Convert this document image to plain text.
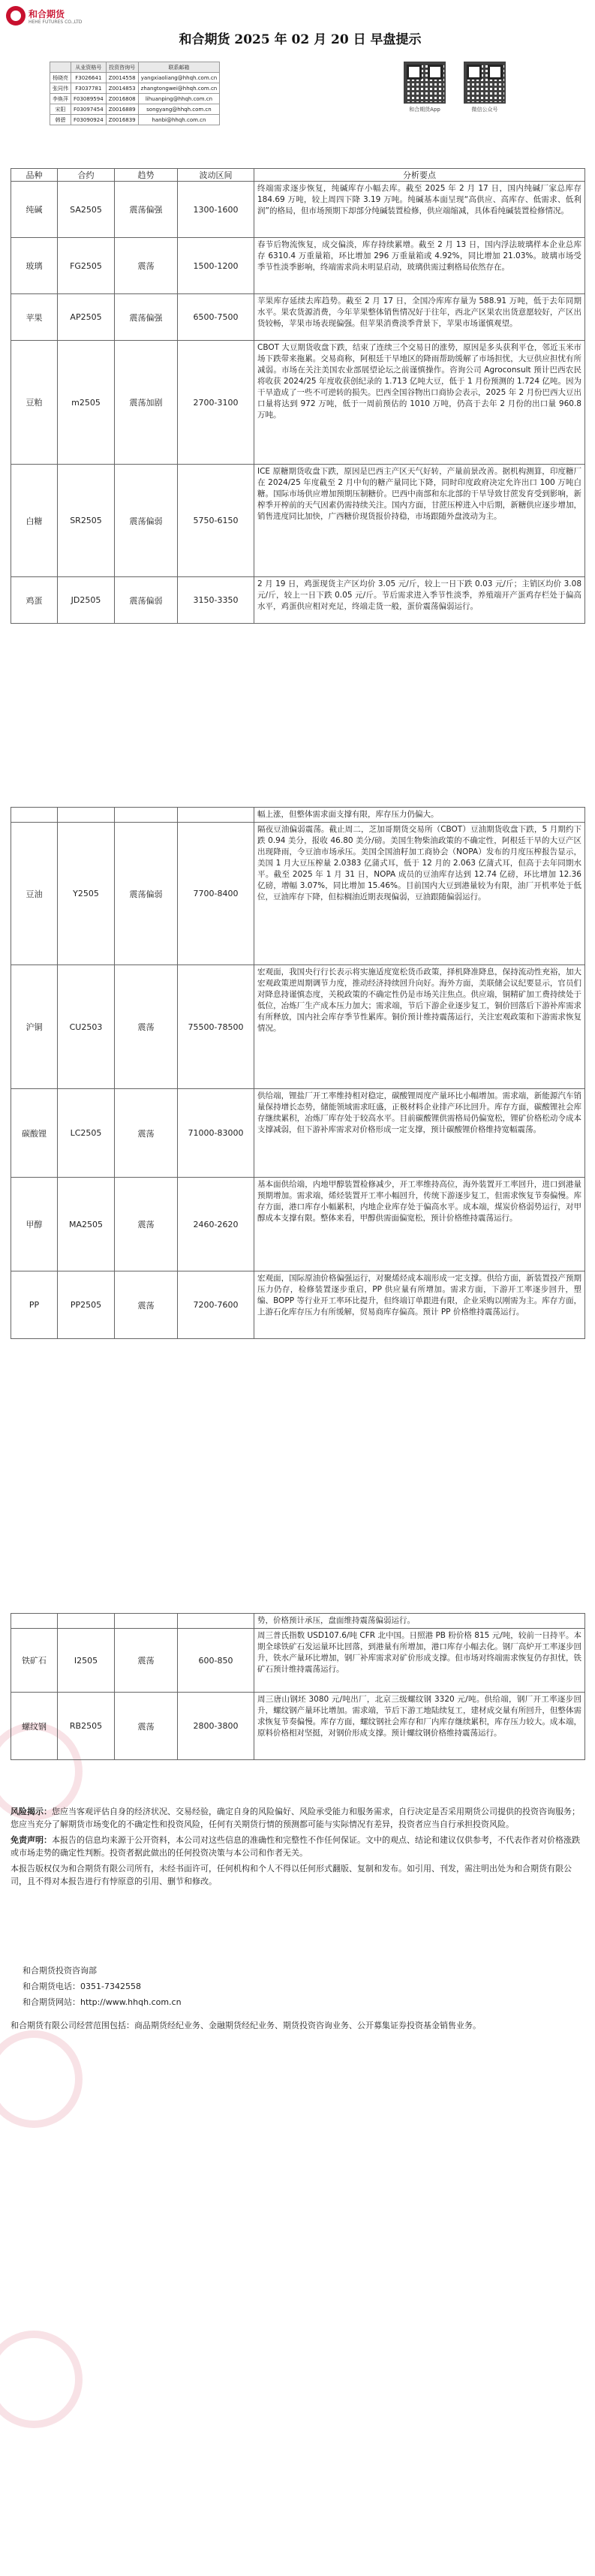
和合期货
HEHE FUTURES CO.,LTD
和合期货 2025 年 02 月 20 日 早盘提示
	从业资格号	投资咨询号	联系邮箱
杨晓亮	F3026641	Z0014558	yangxiaoliang@hhqh.com.cn
张同伟	F3037781	Z0014853	zhangtongwei@hhqh.com.cn
李焕萍	F03089594	Z0016808	lihuanping@hhqh.com.cn
宋阳	F03097454	Z0016889	songyang@hhqh.com.cn
韩碧	F03090924	Z0016839	hanbi@hhqh.com.cn
和合期货App	微信公众号
品种	合约	趋势	波动区间	分析要点
纯碱	SA2505	震荡偏强	1300-1600	终端需求逐步恢复，纯碱库存小幅去库。截至 2025 年 2 月 17 日，国内纯碱厂家总库存 184.69 万吨，较上周四下降 3.19 万吨。纯碱基本面呈现“高供应、高库存、低需求、低利润”的格局，但市场预期下却部分纯碱装置检修，供应端缩减，具体看纯碱装置检修情况。
玻璃	FG2505	震荡	1500-1200	春节后物流恢复，成交偏淡，库存持续累增。截至 2 月 13 日，国内浮法玻璃样本企业总库存 6310.4 万重量箱，环比增加 296 万重量箱或 4.92%，同比增加 21.03%。玻璃市场受季节性淡季影响，终端需求尚未明显启动，玻璃供需过剩格局依然存在。
苹果	AP2505	震荡偏强	6500-7500	苹果库存延续去库趋势。截至 2 月 17 日，全国冷库库存量为 588.91 万吨，低于去年同期水平。果农货源消费，今年苹果整体销售情况好于往年，西北产区果农出货意愿较好，产区出货较畅，苹果市场表现偏强。但苹果消费淡季背景下，苹果市场谨慎观望。
豆粕	m2505	震荡加剧	2700-3100	CBOT 大豆期货收盘下跌，结束了连续三个交易日的涨势，原因是多头获利平仓，邻近玉米市场下跌带来拖累。交易商称，阿根廷干旱地区的降雨帮助缓解了市场担忧，大豆供应担忧有所减弱。市场在关注美国农业部展望论坛之前谨慎操作。咨询公司 Agroconsult 预计巴西农民将收获 2024/25 年度收获创纪录的 1.713 亿吨大豆，低于 1 月份预测的 1.724 亿吨。因为干旱造成了一些不可逆转的损失。巴西全国谷物出口商协会表示，2025 年 2 月份巴西大豆出口量将达到 972 万吨，低于一周前预估的 1010 万吨，仍高于去年 2 月份的出口量 960.8 万吨。
白糖	SR2505	震荡偏弱	5750-6150	ICE 原糖期货收盘下跌，原因是巴西主产区天气好转，产量前景改善。据机构测算，印度糖厂在 2024/25 年度截至 2 月中旬的糖产量同比下降，同时印度政府决定允许出口 100 万吨白糖。国际市场供应增加预期压制糖价。巴西中南部和东北部的干旱导致甘蔗发育受到影响，新榨季开榨前的天气因素仍需持续关注。国内方面，甘蔗压榨进入中后期，新糖供应逐步增加，销售进度同比加快，广西糖价现货报价持稳，市场跟随外盘波动为主。
鸡蛋	JD2505	震荡偏弱	3150-3350	2 月 19 日，鸡蛋现货主产区均价 3.05 元/斤，较上一日下跌 0.03 元/斤；主销区均价 3.08 元/斤，较上一日下跌 0.05 元/斤。节后需求进入季节性淡季，养殖端开产蛋鸡存栏处于偏高水平，鸡蛋供应相对充足，终端走货一般，蛋价震荡偏弱运行。
				幅上涨，但整体需求面支撑有限，库存压力仍偏大。
豆油	Y2505	震荡偏弱	7700-8400	隔夜豆油偏弱震荡。截止周二，芝加哥期货交易所（CBOT）豆油期货收盘下跌，5 月期约下跌 0.94 美分，报收 46.80 美分/磅。美国生物柴油政策的不确定性，阿根廷干旱的大豆产区出现降雨，令豆油市场承压。美国全国油籽加工商协会（NOPA）发布的月度压榨报告显示，美国 1 月大豆压榨量 2.0383 亿蒲式耳，低于 12 月的 2.063 亿蒲式耳，但高于去年同期水平。截至 2025 年 1 月 31 日，NOPA 成员的豆油库存达到 12.74 亿磅，环比增加 12.36 亿磅，增幅 3.07%，同比增加 15.46%。目前国内大豆到港量较为有限，油厂开机率处于低位，豆油库存下降，但棕榈油近期表现偏弱，豆油跟随偏弱运行。
沪铜	CU2503	震荡	75500-78500	宏观面，我国央行行长表示将实施适度宽松货币政策，择机降准降息，保持流动性充裕，加大宏观政策逆周期调节力度，推动经济持续回升向好。海外方面，美联储会议纪要显示，官员们对降息持谨慎态度，关税政策的不确定性仍是市场关注焦点。供应端，铜精矿加工费持续处于低位，冶炼厂生产成本压力加大；需求端，节后下游企业逐步复工，铜价回落后下游补库需求有所释放，国内社会库存季节性累库。铜价预计维持震荡运行，关注宏观政策和下游需求恢复情况。
碳酸锂	LC2505	震荡	71000-83000	供给端，锂盐厂开工率维持相对稳定，碳酸锂周度产量环比小幅增加。需求端，新能源汽车销量保持增长态势，储能领域需求旺盛，正极材料企业排产环比回升。库存方面，碳酸锂社会库存继续累积，冶炼厂库存处于较高水平。目前碳酸锂供需格局仍偏宽松，锂矿价格松动令成本支撑减弱，但下游补库需求对价格形成一定支撑，预计碳酸锂价格维持宽幅震荡。
甲醇	MA2505	震荡	2460-2620	基本面供给端，内地甲醇装置检修减少，开工率维持高位，海外装置开工率回升，进口到港量预期增加。需求端，烯烃装置开工率小幅回升，传统下游逐步复工，但需求恢复节奏偏慢。库存方面，港口库存小幅累积，内地企业库存处于偏高水平。成本端，煤炭价格弱势运行，对甲醇成本支撑有限。整体来看，甲醇供需面偏宽松，预计价格维持震荡运行。
PP	PP2505	震荡	7200-7600	宏观面，国际原油价格偏强运行，对聚烯烃成本端形成一定支撑。供给方面，新装置投产预期压力仍存，检修装置逐步重启，PP 供应量有所增加。需求方面，下游开工率逐步回升，塑编、BOPP 等行业开工率环比提升，但终端订单跟进有限，企业采购以刚需为主。库存方面，上游石化库存压力有所缓解，贸易商库存偏高。预计 PP 价格维持震荡运行。
				势，价格预计承压，盘面维持震荡偏弱运行。
铁矿石	I2505	震荡	600-850	周三普氏指数 USD107.6/吨 CFR 北中国。日照港 PB 粉价格 815 元/吨，较前一日持平。本期全球铁矿石发运量环比回落，到港量有所增加，港口库存小幅去化。钢厂高炉开工率逐步回升，铁水产量环比增加，钢厂补库需求对矿价形成支撑。但市场对终端需求恢复仍存担忧，铁矿石预计维持震荡运行。
螺纹钢	RB2505	震荡	2800-3800	周三唐山钢坯 3080 元/吨出厂，北京三级螺纹钢 3320 元/吨。供给端，钢厂开工率逐步回升，螺纹钢产量环比增加。需求端，节后下游工地陆续复工，建材成交量有所回升，但整体需求恢复节奏偏慢。库存方面，螺纹钢社会库存和厂内库存继续累积，库存压力较大。成本端，原料价格相对坚挺，对钢价形成支撑。预计螺纹钢价格维持震荡运行。

风险揭示：您应当客观评估自身的经济状况、交易经验，确定自身的风险偏好、风险承受能力和服务需求，自行决定是否采用期货公司提供的投资咨询服务；您应当充分了解期货市场变化的不确定性和投资风险，任何有关期货行情的预测都可能与实际情况有差异，投资者应当自行承担投资风险。

免责声明：本报告的信息均来源于公开资料，本公司对这些信息的准确性和完整性不作任何保证。文中的观点、结论和建议仅供参考，不代表作者对价格涨跌或市场走势的确定性判断。投资者据此做出的任何投资决策与本公司和作者无关。

本报告版权仅为和合期货有限公司所有，未经书面许可，任何机构和个人不得以任何形式翻版、复制和发布。如引用、刊发，需注明出处为和合期货有限公司，且不得对本报告进行有悖原意的引用、删节和修改。

和合期货投资咨询部
和合期货电话：0351-7342558
和合期货网站：http://www.hhqh.com.cn
和合期货有限公司经营范围包括：商品期货经纪业务、金融期货经纪业务、期货投资咨询业务、公开募集证券投资基金销售业务。
